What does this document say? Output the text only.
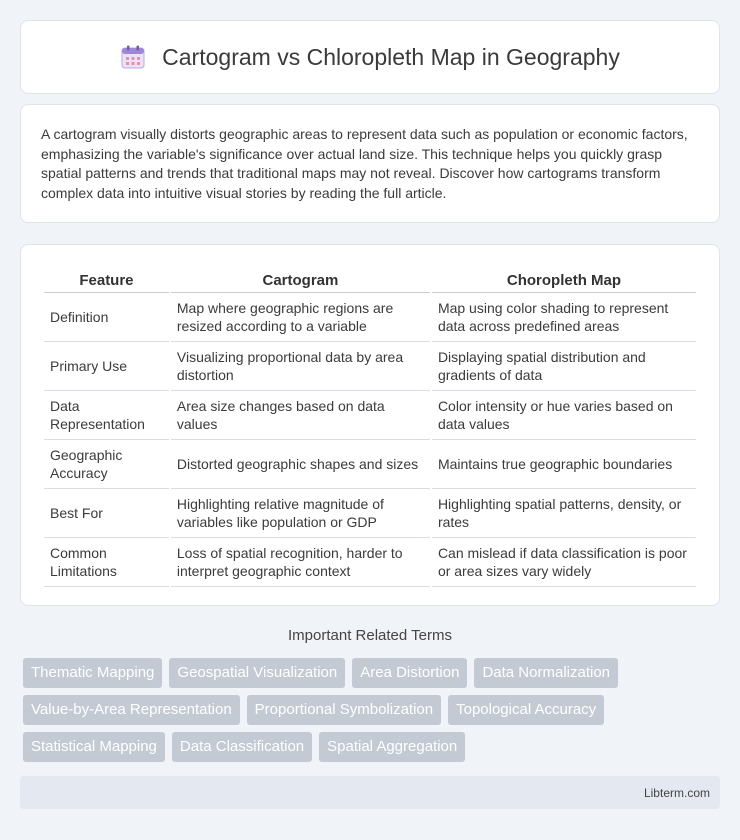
Cartogram vs Chloropleth Map in Geography

A cartogram visually distorts geographic areas to represent data such as population or economic factors, emphasizing the variable's significance over actual land size. This technique helps you quickly grasp spatial patterns and trends that traditional maps may not reveal. Discover how cartograms transform complex data into intuitive visual stories by reading the full article.

Feature	Cartogram	Choropleth Map
Definition	Map where geographic regions are resized according to a variable	Map using color shading to represent data across predefined areas
Primary Use	Visualizing proportional data by area distortion	Displaying spatial distribution and gradients of data
Data Representation	Area size changes based on data values	Color intensity or hue varies based on data values
Geographic Accuracy	Distorted geographic shapes and sizes	Maintains true geographic boundaries
Best For	Highlighting relative magnitude of variables like population or GDP	Highlighting spatial patterns, density, or rates
Common Limitations	Loss of spatial recognition, harder to interpret geographic context	Can mislead if data classification is poor or area sizes vary widely
Important Related Terms
Thematic Mapping	Geospatial Visualization	Area Distortion	Data Normalization
Value-by-Area Representation	Proportional Symbolization	Topological Accuracy
Statistical Mapping	Data Classification	Spatial Aggregation
Libterm.com
